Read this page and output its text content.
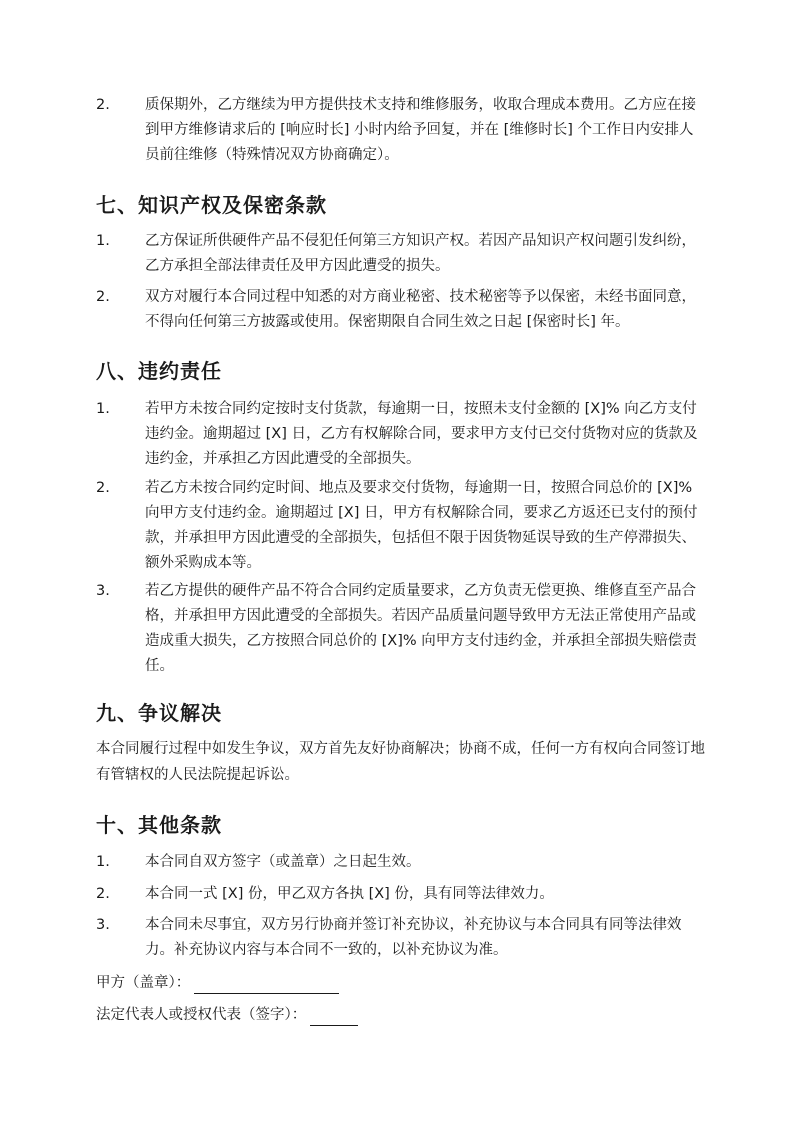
2. 质保期外，乙方继续为甲方提供技术支持和维修服务，收取合理成本费用。乙方应在接到甲方维修请求后的 [响应时长] 小时内给予回复，并在 [维修时长] 个工作日内安排人员前往维修（特殊情况双方协商确定）。
七、知识产权及保密条款
1. 乙方保证所供硬件产品不侵犯任何第三方知识产权。若因产品知识产权问题引发纠纷，乙方承担全部法律责任及甲方因此遭受的损失。
2. 双方对履行本合同过程中知悉的对方商业秘密、技术秘密等予以保密，未经书面同意，不得向任何第三方披露或使用。保密期限自合同生效之日起 [保密时长] 年。
八、违约责任
1. 若甲方未按合同约定按时支付货款，每逾期一日，按照未支付金额的 [X]% 向乙方支付违约金。逾期超过 [X] 日，乙方有权解除合同，要求甲方支付已交付货物对应的货款及违约金，并承担乙方因此遭受的全部损失。
2. 若乙方未按合同约定时间、地点及要求交付货物，每逾期一日，按照合同总价的 [X]% 向甲方支付违约金。逾期超过 [X] 日，甲方有权解除合同，要求乙方返还已支付的预付款，并承担甲方因此遭受的全部损失，包括但不限于因货物延误导致的生产停滞损失、额外采购成本等。
3. 若乙方提供的硬件产品不符合合同约定质量要求，乙方负责无偿更换、维修直至产品合格，并承担甲方因此遭受的全部损失。若因产品质量问题导致甲方无法正常使用产品或造成重大损失，乙方按照合同总价的 [X]% 向甲方支付违约金，并承担全部损失赔偿责任。
九、争议解决
本合同履行过程中如发生争议，双方首先友好协商解决；协商不成，任何一方有权向合同签订地有管辖权的人民法院提起诉讼。
十、其他条款
1. 本合同自双方签字（或盖章）之日起生效。
2. 本合同一式 [X] 份，甲乙双方各执 [X] 份，具有同等法律效力。
3. 本合同未尽事宜，双方另行协商并签订补充协议，补充协议与本合同具有同等法律效力。补充协议内容与本合同不一致的，以补充协议为准。
甲方（盖章）：
法定代表人或授权代表（签字）：
